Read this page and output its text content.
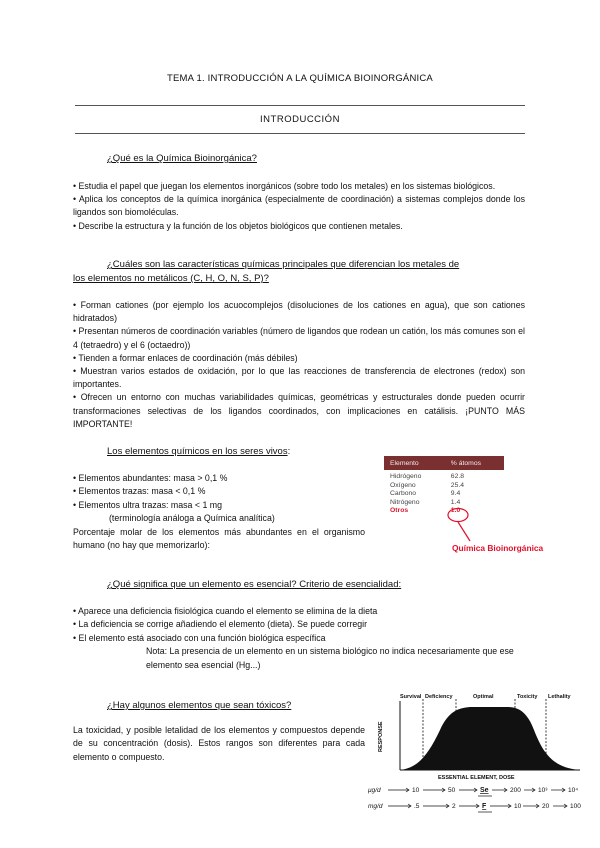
TEMA 1. INTRODUCCIÓN A LA QUÍMICA BIOINORGÁNICA
INTRODUCCIÓN
¿Qué es la Química Bioinorgánica?
• Estudia el papel que juegan los elementos inorgánicos (sobre todo los metales) en los sistemas biológicos.
• Aplica los conceptos de la química inorgánica (especialmente de coordinación) a sistemas complejos donde los ligandos son biomoléculas.
• Describe la estructura y la función de los objetos biológicos que contienen metales.
¿Cuáles son las características químicas principales que diferencian los metales de
los elementos no metálicos (C, H, O, N, S, P)?
• Forman cationes (por ejemplo los acuocomplejos (disoluciones de los cationes en agua), que son cationes hidratados)
• Presentan números de coordinación variables (número de ligandos que rodean un catión, los más comunes son el 4 (tetraedro) y el 6 (octaedro))
• Tienden a formar enlaces de coordinación (más débiles)
• Muestran varios estados de oxidación, por lo que las reacciones de transferencia de electrones (redox) son importantes.
• Ofrecen un entorno con muchas variabilidades químicas, geométricas y estructurales donde pueden ocurrir transformaciones selectivas de los ligandos coordinados, con implicaciones en catálisis. ¡PUNTO MÁS IMPORTANTE!
Los elementos químicos en los seres vivos:
• Elementos abundantes: masa > 0,1 %
• Elementos trazas: masa < 0,1 %
• Elementos ultra trazas: masa < 1 mg
(terminología análoga a Química analítica)
Porcentaje molar de los elementos más abundantes en el organismo humano (no hay que memorizarlo):
Elemento	% átomos
Hidrógeno	62.8
Oxígeno	25.4
Carbono	9.4
Nitrógeno	1.4
Otros	1.0
Química Bioinorgánica
¿Qué significa que un elemento es esencial? Criterio de esencialidad:
• Aparece una deficiencia fisiológica cuando el elemento se elimina de la dieta
• La deficiencia se corrige añadiendo el elemento (dieta). Se puede corregir
• El elemento está asociado con una función biológica específica
Nota: La presencia de un elemento en un sistema biológico no indica necesariamente que ese elemento sea esencial (Hg...)
¿Hay algunos elementos que sean tóxicos?
La toxicidad, y posible letalidad de los elementos y compuestos depende de su concentración (dosis). Estos rangos son diferentes para cada elemento o compuesto.
Survival Deficiency	Optimal	Toxicity Lethality
RESPONSE
ESSENTIAL ELEMENT, DOSE
μg/d	10	50	Se	200	10³	10⁴
mg/d	.5	2	F	10	20	100
